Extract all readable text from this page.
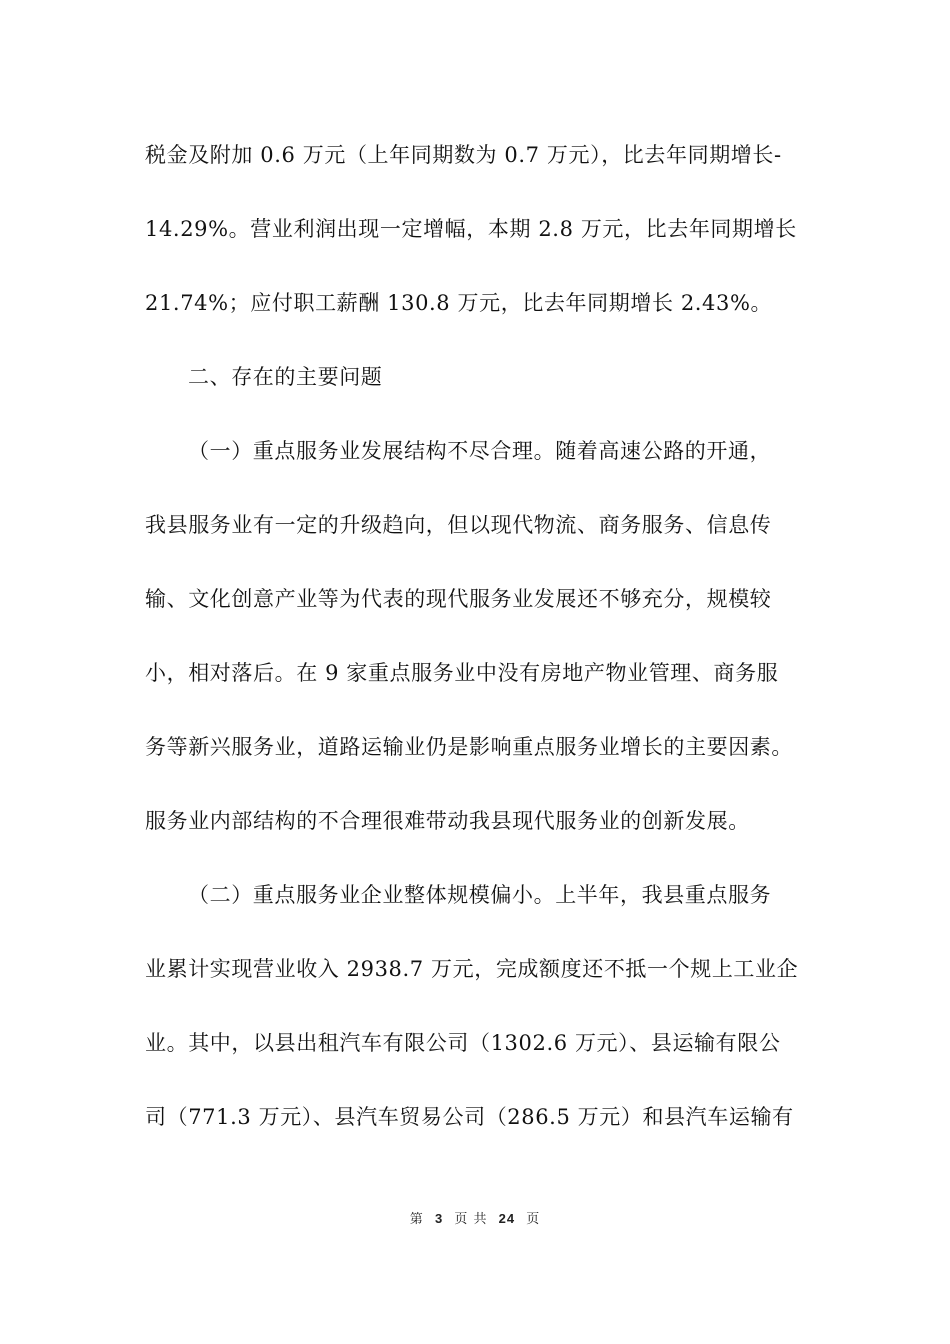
税金及附加 0.6 万元（上年同期数为 0.7 万元），比去年同期增长-
14.29%。营业利润出现一定增幅，本期 2.8 万元，比去年同期增长
21.74%；应付职工薪酬 130.8 万元，比去年同期增长 2.43%。
二、存在的主要问题
（一）重点服务业发展结构不尽合理。随着高速公路的开通，
我县服务业有一定的升级趋向，但以现代物流、商务服务、信息传
输、文化创意产业等为代表的现代服务业发展还不够充分，规模较
小，相对落后。在 9 家重点服务业中没有房地产物业管理、商务服
务等新兴服务业，道路运输业仍是影响重点服务业增长的主要因素。
服务业内部结构的不合理很难带动我县现代服务业的创新发展。
（二）重点服务业企业整体规模偏小。上半年，我县重点服务
业累计实现营业收入 2938.7 万元，完成额度还不抵一个规上工业企
业。其中，以县出租汽车有限公司（1302.6 万元）、县运输有限公
司（771.3 万元）、县汽车贸易公司（286.5 万元）和县汽车运输有
第 3 页 共 24 页
